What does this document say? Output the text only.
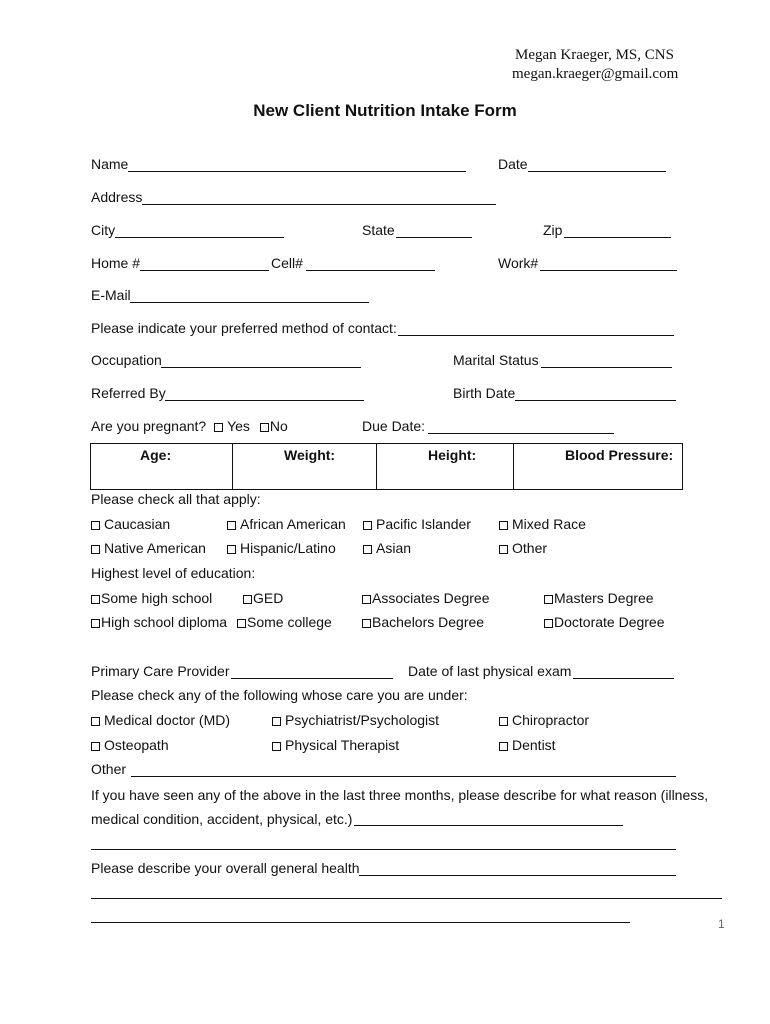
Megan Kraeger, MS, CNS
megan.kraeger@gmail.com
New Client Nutrition Intake Form
Name	Date
Address
City	State	Zip
Home #	Cell#	Work#
E-Mail
Please indicate your preferred method of contact:
Occupation	Marital Status
Referred By	Birth Date
Are you pregnant? Yes No	Due Date:
Age:	Weight:	Height:	Blood Pressure:
Please check all that apply:
Caucasian	African American	Pacific Islander	Mixed Race
Native American	Hispanic/Latino	Asian	Other
Highest level of education:
Some high school	GED	Associates Degree	Masters Degree
High school diploma	Some college	Bachelors Degree	Doctorate Degree
Primary Care Provider	Date of last physical exam
Please check any of the following whose care you are under:
Medical doctor (MD)	Psychiatrist/Psychologist	Chiropractor
Osteopath	Physical Therapist	Dentist
Other
If you have seen any of the above in the last three months, please describe for what reason (illness,
medical condition, accident, physical, etc.)
Please describe your overall general health
1
